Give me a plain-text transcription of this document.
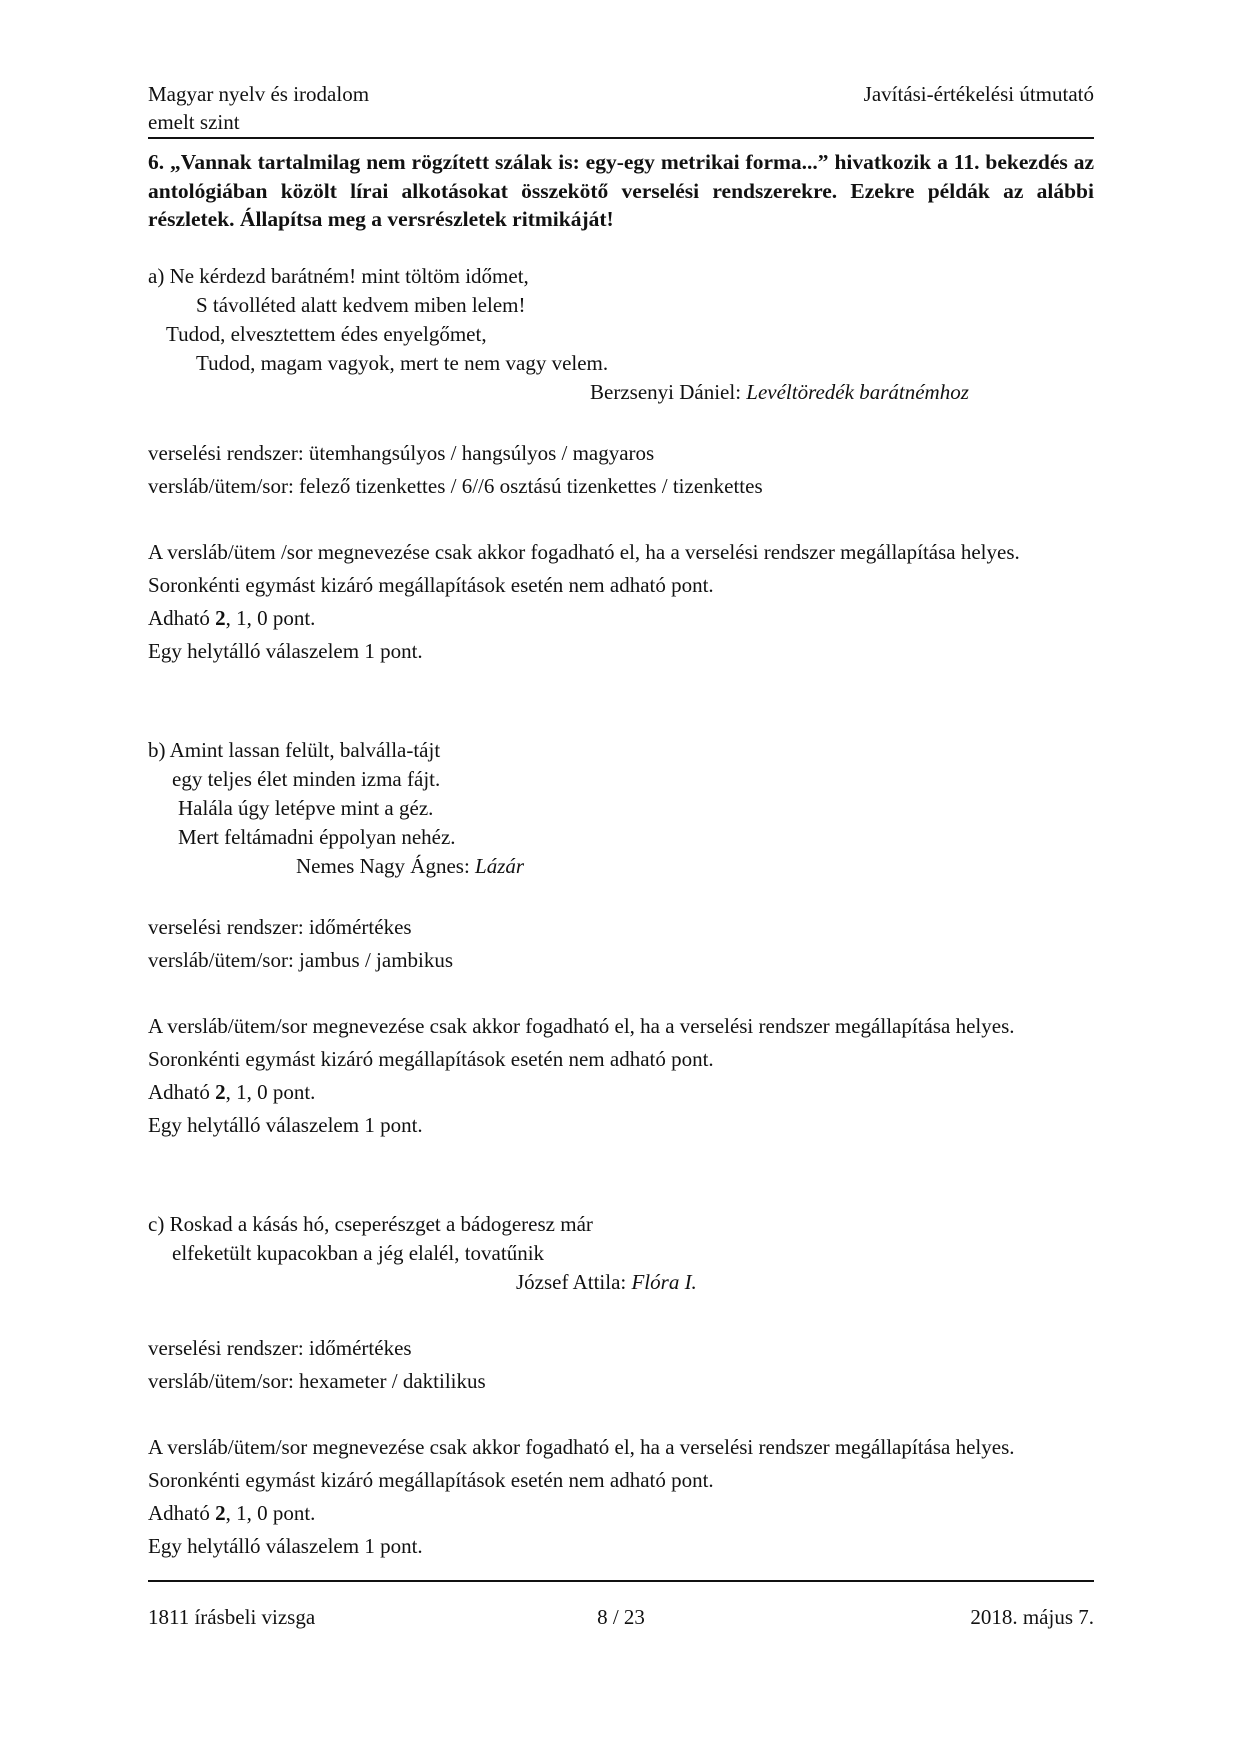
Magyar nyelv és irodalom
emelt szint
Javítási-értékelési útmutató
6. „Vannak tartalmilag nem rögzített szálak is: egy-egy metrikai forma...” hivatkozik a 11. bekezdés az antológiában közölt lírai alkotásokat összekötő verselési rendszerekre. Ezekre példák az alábbi részletek. Állapítsa meg a versrészletek ritmikáját!
a) Ne kérdezd barátném! mint töltöm időmet,
S távolléted alatt kedvem miben lelem!
Tudod, elvesztettem édes enyelgőmet,
Tudod, magam vagyok, mert te nem vagy velem.
Berzsenyi Dániel: Levéltöredék barátnémhoz

verselési rendszer: ütemhangsúlyos / hangsúlyos / magyaros

versláb/ütem/sor: felező tizenkettes / 6//6 osztású tizenkettes / tizenkettes

A versláb/ütem /sor megnevezése csak akkor fogadható el, ha a verselési rendszer megállapítása helyes.

Soronkénti egymást kizáró megállapítások esetén nem adható pont.

Adható 2, 1, 0 pont.

Egy helytálló válaszelem 1 pont.

b) Amint lassan felült, balválla-tájt
egy teljes élet minden izma fájt.
Halála úgy letépve mint a géz.
Mert feltámadni éppolyan nehéz.
Nemes Nagy Ágnes: Lázár

verselési rendszer: időmértékes

versláb/ütem/sor: jambus / jambikus

A versláb/ütem/sor megnevezése csak akkor fogadható el, ha a verselési rendszer megállapítása helyes.

Soronkénti egymást kizáró megállapítások esetén nem adható pont.

Adható 2, 1, 0 pont.

Egy helytálló válaszelem 1 pont.

c) Roskad a kásás hó, cseperészget a bádogeresz már
elfeketült kupacokban a jég elalél, tovatűnik
József Attila: Flóra I.

verselési rendszer: időmértékes

versláb/ütem/sor: hexameter / daktilikus

A versláb/ütem/sor megnevezése csak akkor fogadható el, ha a verselési rendszer megállapítása helyes.

Soronkénti egymást kizáró megállapítások esetén nem adható pont.

Adható 2, 1, 0 pont.

Egy helytálló válaszelem 1 pont.

1811 írásbeli vizsga	8 / 23	2018. május 7.
